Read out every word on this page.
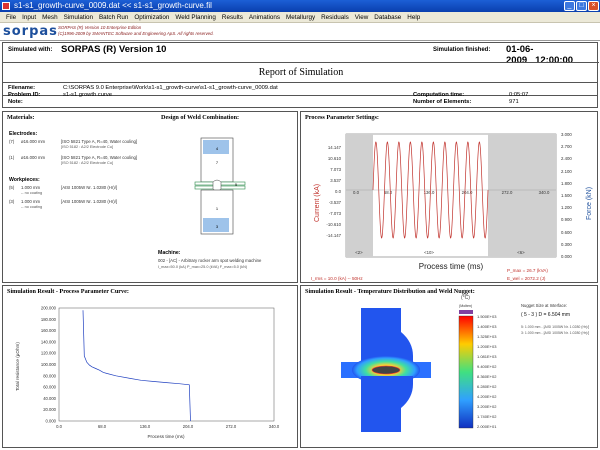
s1-s1_growth-curve_0009.dat << s1-s1_growth-curve.fil	_	□	×
File Input Mesh Simulation Batch Run Optimization Weld Planning Results Animations Metallurgy Residuals View Database Help
sorpas SORPAS (R) Version 10 Enterprise Edition
(C)1996-2009 by SWANTEC Software and Engineering ApS. All rights reserved.
Simulated with: SORPAS (R) Version 10	Simulation finished: 01-06-2009 12:00:00
Report of Simulation
Filename:	C:\SORPAS 9.0 Enterprise\Work\s1-s1_growth-curve\s1-s1_growth-curve_0009.dat
Problem ID:	s1-s1 growth curve
Note:
Computation time:	0:05:07
Number of Elements:	971
Materials:	Design of Weld Combination:
Electrodes:
(7) ø16.000 mm	[ISO 5821 Type A, R=40, Water cooling]
[ISO 5182 : A2/2 Electrode Cu]
(1) ø16.000 mm	[ISO 5821 Type A, R=40, Water cooling]
[ISO 5182 : A2/2 Electrode Cu]
Workpieces:
(5) 1.000 mm	[AISI 1005W Nr. 1.0280 (Hr)/]
-- no coating
(3) 1.000 mm	[AISI 1005W Nr. 1.0280 (Hr)/]
-- no coating
4
7
5
1
3
Machine:
002 - [AC] - Arbitrary rocker arm spot welding machine
I_max=50.0 (kA) P_max=25.0 (kVA) F_max=5.0 (kN)
Process Parameter Settings:
14.147
10.610
7.073
3.537
0.0
-3.537
-7.073
-10.610
-14.147
3.000
2.700
2.400
2.100
1.800
1.500
1.200
0.900
0.600
0.300
0.000
0.0	68.0	136.0	204.0	272.0	340.0
<2>	<10>	<6>
Current (kA)	Force (kN)
Process time (ms)
I_rms = 10.0 (kA) -- 50Hz
P_max = 26.7 (kVA)
E_wel = 2072.2 (J)
Simulation Result - Process Parameter Curve:
200.000
180.000
160.000
140.000
120.000
100.000
80.000
60.000
40.000
20.000
0.000
0.0	68.0	136.0	204.0	272.0	340.0
Total resistance (µOhm)
Process time (ms)
Simulation Result - Temperature Distribution and Weld Nugget:
(°C)
(Molten)
1.500E+03
1.400E+03
1.325E+03
1.200E+03
1.081E+03
9.400E+02
8.360E+02
6.280E+02
4.200E+02
3.200E+02
1.740E+02
2.000E+01
Nugget Size at Interface:
( 5 - 3 ) D = 6.504 mm
5: 1.000 mm - [AISI 1005W Nr. 1.0280 (Hr)/]
3: 1.000 mm - [AISI 1005W Nr. 1.0280 (Hr)/]
